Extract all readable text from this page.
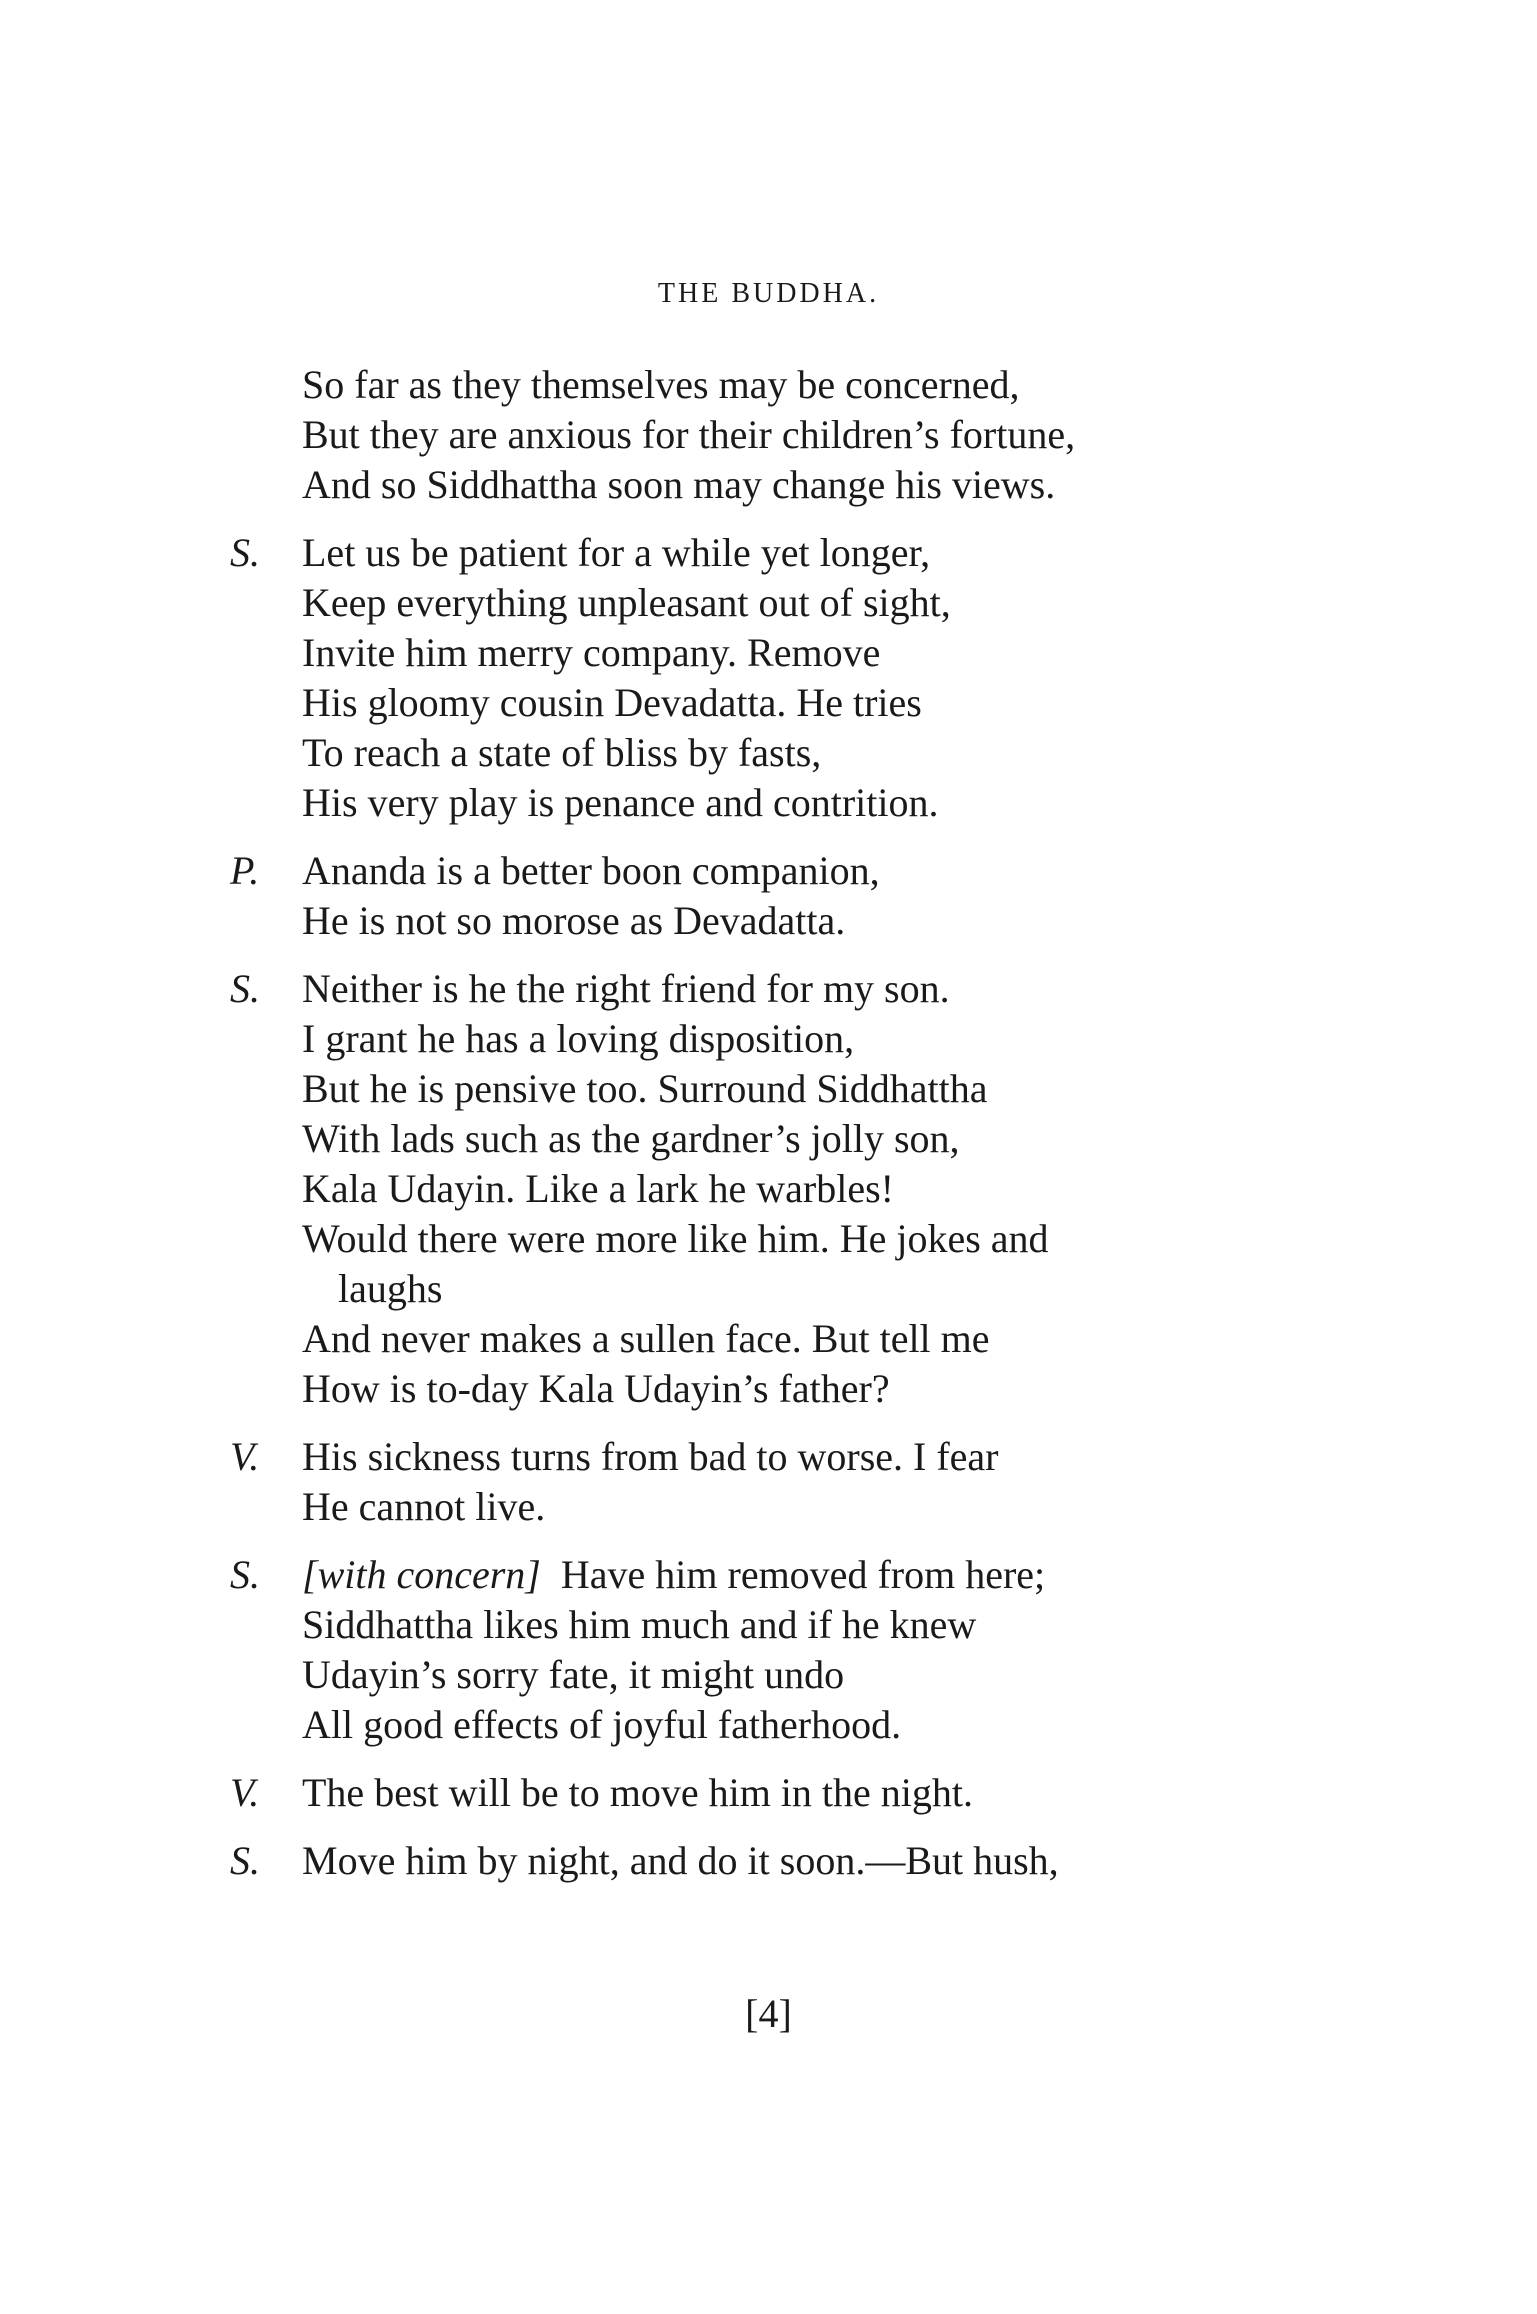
THE BUDDHA.
So far as they themselves may be concerned,
But they are anxious for their children’s fortune,
And so Siddhattha soon may change his views.
S. Let us be patient for a while yet longer,
Keep everything unpleasant out of sight,
Invite him merry company. Remove
His gloomy cousin Devadatta. He tries
To reach a state of bliss by fasts,
His very play is penance and contrition.
P. Ananda is a better boon companion,
He is not so morose as Devadatta.
S. Neither is he the right friend for my son.
I grant he has a loving disposition,
But he is pensive too. Surround Siddhattha
With lads such as the gardner’s jolly son,
Kala Udayin. Like a lark he warbles!
Would there were more like him. He jokes and
laughs
And never makes a sullen face. But tell me
How is to-day Kala Udayin’s father?
V. His sickness turns from bad to worse. I fear
He cannot live.
S. [with concern] Have him removed from here;
Siddhattha likes him much and if he knew
Udayin’s sorry fate, it might undo
All good effects of joyful fatherhood.
V. The best will be to move him in the night.
S. Move him by night, and do it soon.—But hush,
[4]
